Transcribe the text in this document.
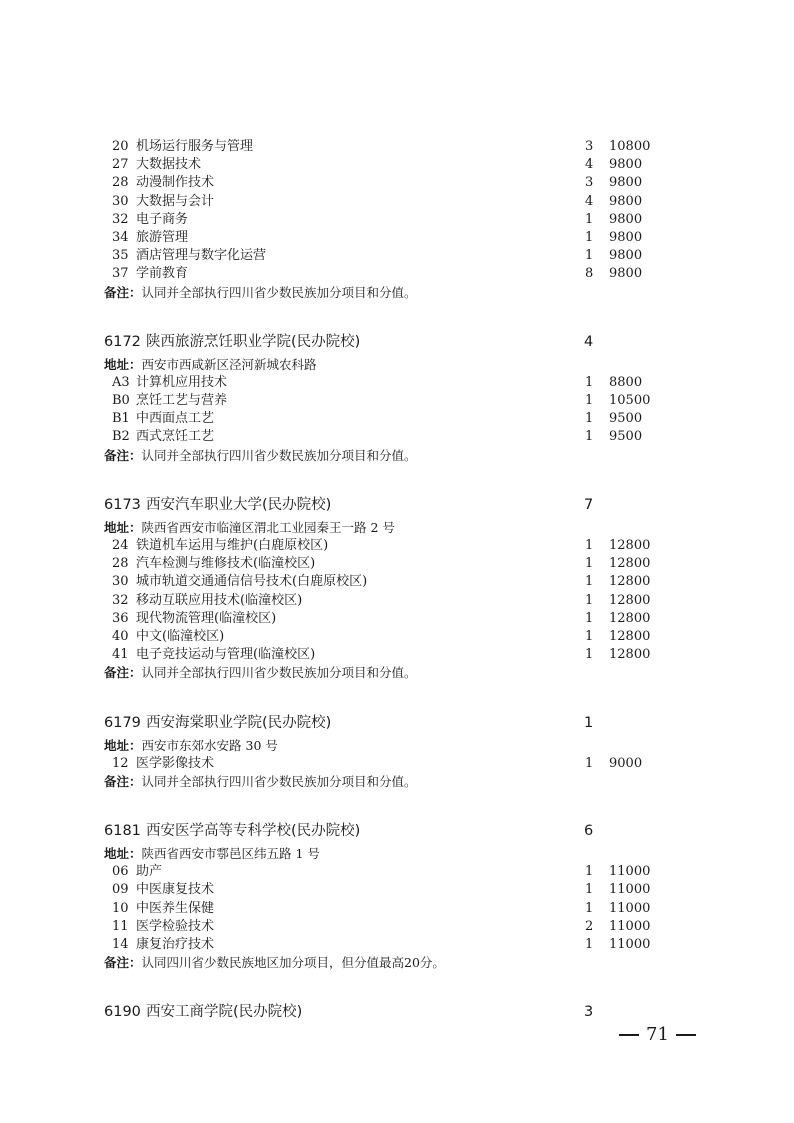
20 机场运行服务与管理	3 10800
27 大数据技术	4 9800
28 动漫制作技术	3 9800
30 大数据与会计	4 9800
32 电子商务	1 9800
34 旅游管理	1 9800
35 酒店管理与数字化运营	1 9800
37 学前教育	8 9800
备注：认同并全部执行四川省少数民族加分项目和分值。
6172 陕西旅游烹饪职业学院(民办院校)	4
地址：西安市西咸新区泾河新城农科路
A3 计算机应用技术	1 8800
B0 烹饪工艺与营养	1 10500
B1 中西面点工艺	1 9500
B2 西式烹饪工艺	1 9500
备注：认同并全部执行四川省少数民族加分项目和分值。
6173 西安汽车职业大学(民办院校)	7
地址：陕西省西安市临潼区渭北工业园秦王一路 2 号
24 铁道机车运用与维护(白鹿原校区)	1 12800
28 汽车检测与维修技术(临潼校区)	1 12800
30 城市轨道交通通信信号技术(白鹿原校区)	1 12800
32 移动互联应用技术(临潼校区)	1 12800
36 现代物流管理(临潼校区)	1 12800
40 中文(临潼校区)	1 12800
41 电子竞技运动与管理(临潼校区)	1 12800
备注：认同并全部执行四川省少数民族加分项目和分值。
6179 西安海棠职业学院(民办院校)	1
地址：西安市东郊水安路 30 号
12 医学影像技术	1 9000
备注：认同并全部执行四川省少数民族加分项目和分值。
6181 西安医学高等专科学校(民办院校)	6
地址：陕西省西安市鄠邑区纬五路 1 号
06 助产	1 11000
09 中医康复技术	1 11000
10 中医养生保健	1 11000
11 医学检验技术	2 11000
14 康复治疗技术	1 11000
备注：认同四川省少数民族地区加分项目，但分值最高20分。
6190 西安工商学院(民办院校)	3
71
